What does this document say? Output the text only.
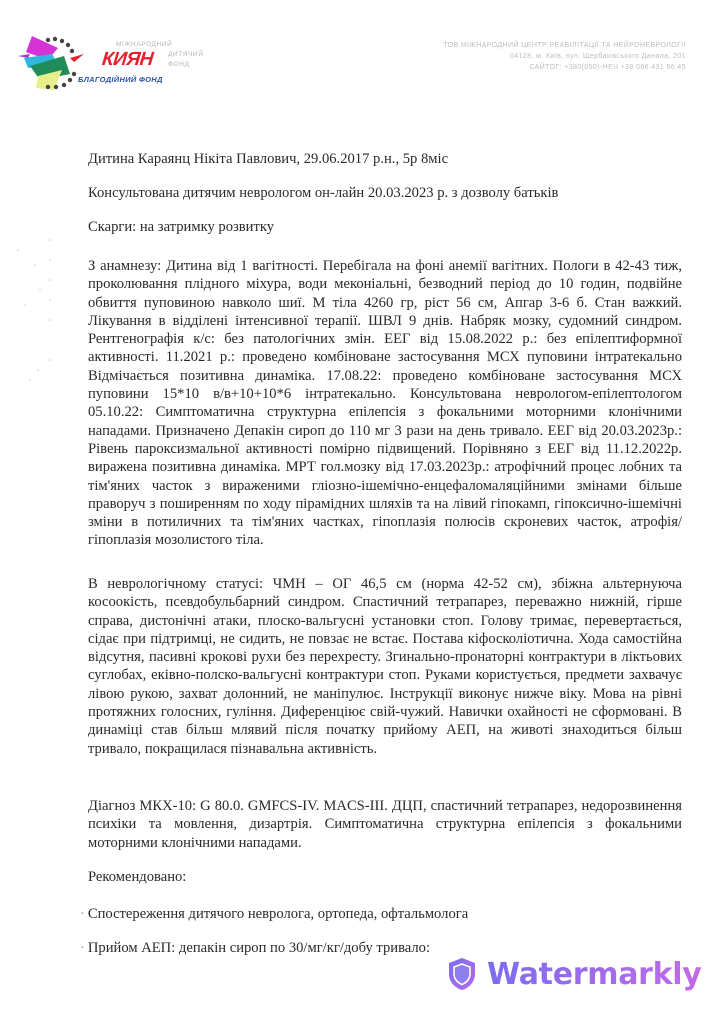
МІЖНАРОДНИЙ
ДИТЯЧИЙ
ФОНД
КИЯН
БЛАГОДІЙНИЙ ФОНД
ТОВ МІЖНАРОДНИЙ ЦЕНТР РЕАБІЛІТАЦІЇ ТА НЕЙРОНЕВРОЛОГІЇ
04128, м. Київ, вул. Щербаківського Данила, 201
САЙТОГ: +380(050)-НЕЧ +38 066 431 56 45

Дитина Караянц Нікіта Павлович, 29.06.2017 р.н., 5р 8міс

Консультована дитячим неврологом он-лайн 20.03.2023 р. з дозволу батьків

Скарги: на затримку розвитку

З анамнезу: Дитина від 1 вагітності. Перебігала на фоні анемії вагітних. Пологи в 42-43 тиж, проколювання плідного міхура, води меконіальні, безводний період до 10 годин, подвійне обвиття пуповиною навколо шиї. М тіла 4260 гр, ріст 56 см, Апгар 3-6 б. Стан важкий. Лікування в відділені інтенсивної терапії. ШВЛ 9 днів. Набряк мозку, судомний синдром. Рентгенографія к/с: без патологічних змін. ЕЕГ від 15.08.2022 р.: без епілептиформної активності. 11.2021 р.: проведено комбіноване застосування МСХ пуповини інтратекально Відмічається позитивна динаміка. 17.08.22: проведено комбіноване застосування МСХ пуповини 15*10 в/в+10+10*6 інтратекально. Консультована неврологом-епілептологом 05.10.22: Симптоматична структурна епілепсія з фокальними моторними клонічними нападами. Призначено Депакін сироп до 110 мг 3 рази на день тривало. ЕЕГ від 20.03.2023р.: Рівень пароксизмальної активності помірно підвищений. Порівняно з ЕЕГ від 11.12.2022р. виражена позитивна динаміка. МРТ гол.мозку від 17.03.2023р.: атрофічний процес лобних та тім'яних часток з вираженими гліозно-ішемічно-енцефаломаляційними змінами більше праворуч з поширенням по ходу пірамідних шляхів та на лівий гіпокамп, гіпоксично-ішемічні зміни в потиличних та тім'яних частках, гіпоплазія полюсів скроневих часток, атрофія/гіпоплазія мозолистого тіла.

В неврологічному статусі: ЧМН – ОГ 46,5 см (норма 42-52 см), збіжна альтернуюча косоокість, псевдобульбарний синдром. Спастичний тетрапарез, переважно нижній, гірше справа, дистонічні атаки, плоско-вальгусні установки стоп. Голову тримає, перевертається, сідає при підтримці, не сидить, не повзає не встає. Постава кіфосколіотична. Хода самостійна відсутня, пасивні крокові рухи без перехресту. Згинально-пронаторні контрактури в ліктьових суглобах, еківно-полско-вальгусні контрактури стоп. Руками користується, предмети захвачує лівою рукою, захват долонний, не маніпулює. Інструкції виконує нижче віку. Мова на рівні протяжних голосних, гуління. Диференціює свій-чужий. Навички охайності не сформовані. В динаміці став більш млявий після початку прийому АЕП, на животі знаходиться більш тривало, покращилася пізнавальна активність.

Діагноз МКХ-10: G 80.0. GMFCS-IV. MACS-III. ДЦП, спастичний тетрапарез, недорозвинення психіки та мовлення, дизартрія. Симптоматична структурна епілепсія з фокальними моторними клонічними нападами.

Рекомендовано:

· Спостереження дитячого невролога, ортопеда, офтальмолога

· Прийом АЕП: депакін сироп по 30/мг/кг/добу тривало:

Watermarkly
